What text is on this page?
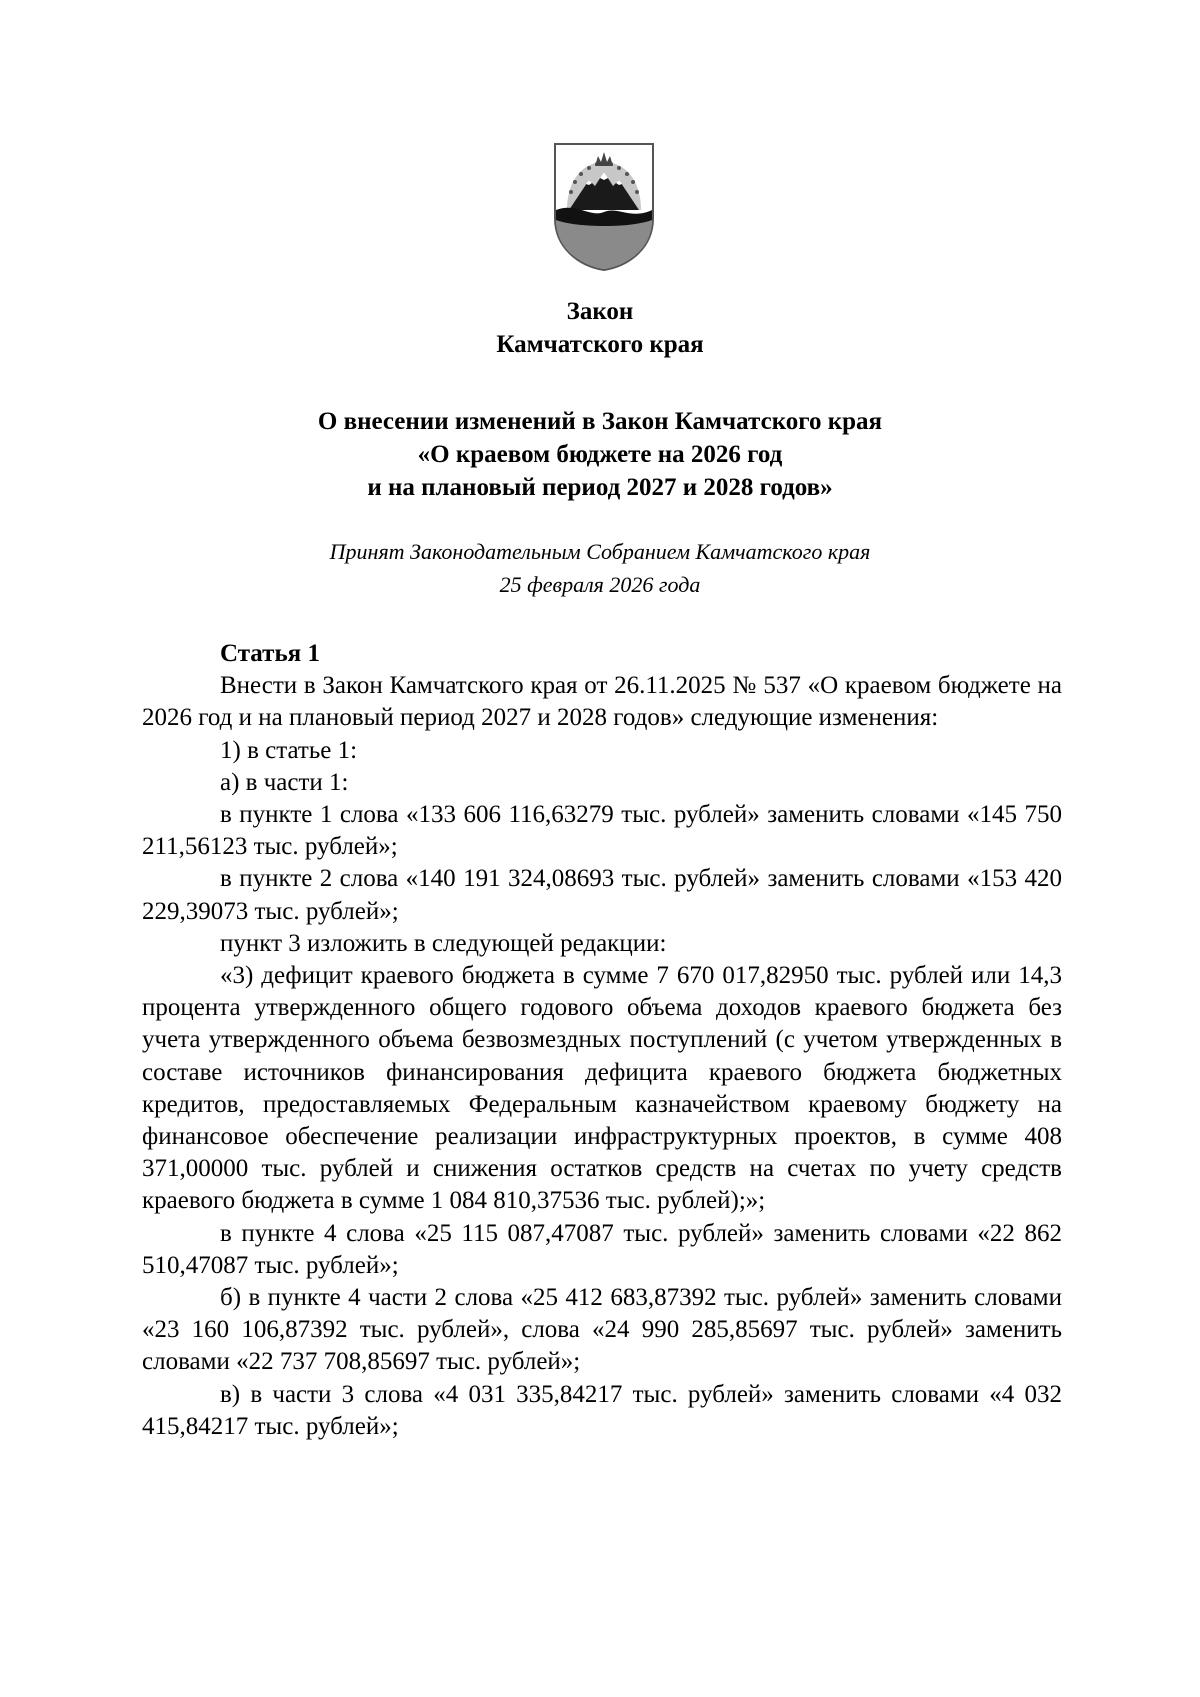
Закон
Камчатского края
О внесении изменений в Закон Камчатского края
«О краевом бюджете на 2026 год
и на плановый период 2027 и 2028 годов»
Принят Законодательным Собранием Камчатского края
25 февраля 2026 года

Статья 1

Внести в Закон Камчатского края от 26.11.2025 № 537 «О краевом бюджете на 2026 год и на плановый период 2027 и 2028 годов» следующие изменения:

1) в статье 1:

а) в части 1:

в пункте 1 слова «133 606 116,63279 тыс. рублей» заменить словами «145 750 211,56123 тыс. рублей»;

в пункте 2 слова «140 191 324,08693 тыс. рублей» заменить словами «153 420 229,39073 тыс. рублей»;

пункт 3 изложить в следующей редакции:

«3) дефицит краевого бюджета в сумме 7 670 017,82950 тыс. рублей или 14,3 процента утвержденного общего годового объема доходов краевого бюджета без учета утвержденного объема безвозмездных поступлений (с учетом утвержденных в составе источников финансирования дефицита краевого бюджета бюджетных кредитов, предоставляемых Федеральным казначейством краевому бюджету на финансовое обеспечение реализации инфраструктурных проектов, в сумме 408 371,00000 тыс. рублей и снижения остатков средств на счетах по учету средств краевого бюджета в сумме 1 084 810,37536 тыс. рублей);»;

в пункте 4 слова «25 115 087,47087 тыс. рублей» заменить словами «22 862 510,47087 тыс. рублей»;

б) в пункте 4 части 2 слова «25 412 683,87392 тыс. рублей» заменить словами «23 160 106,87392 тыс. рублей», слова «24 990 285,85697 тыс. рублей» заменить словами «22 737 708,85697 тыс. рублей»;

в) в части 3 слова «4 031 335,84217 тыс. рублей» заменить словами «4 032 415,84217 тыс. рублей»;
